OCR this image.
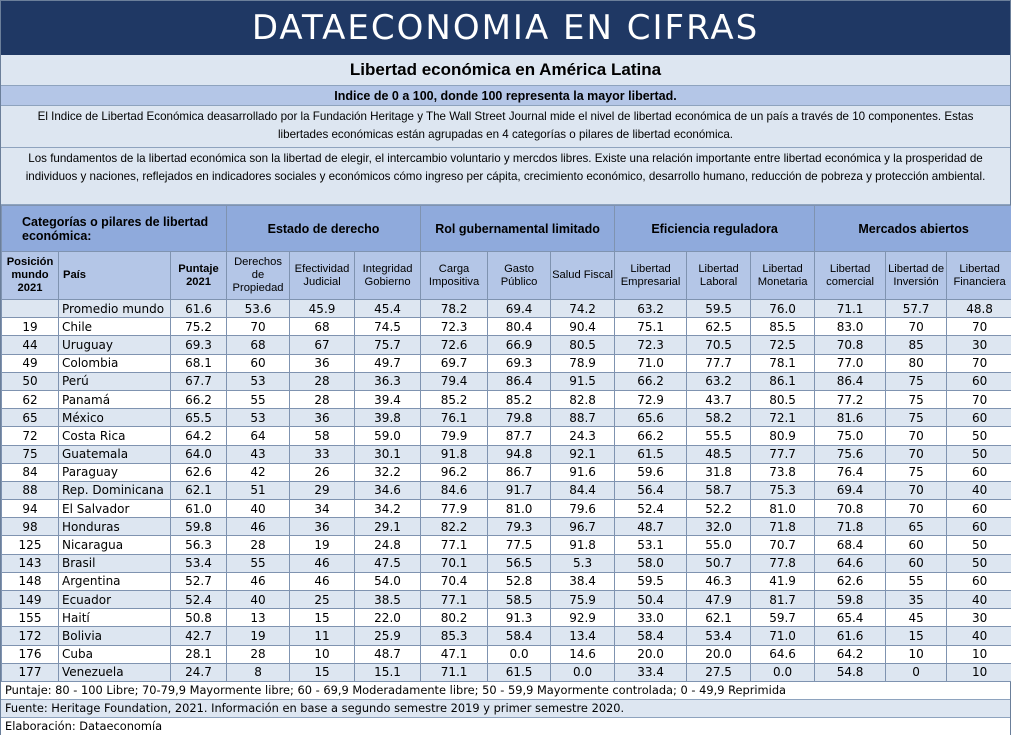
DATAECONOMIA EN CIFRAS
Libertad económica en América Latina
Indice de 0 a 100, donde 100 representa la mayor libertad.
El Indice de Libertad Económica deasarrollado por la Fundación Heritage y The Wall Street Journal mide el nivel de libertad económica de un país a través de 10 componentes. Estas libertades económicas están agrupadas en 4 categorías o pilares de libertad económica.
Los fundamentos de la libertad económica son la libertad de elegir, el intercambio voluntario y mercdos libres. Existe una relación importante entre libertad económica y la prosperidad de individuos y naciones, reflejados en indicadores sociales y económicos cómo ingreso per cápita, crecimiento económico, desarrollo humano, reducción de pobreza y protección ambiental.
Categorías o pilares de libertad económica:			Estado de derecho			Rol gubernamental limitado			Eficiencia reguladora			Mercados abiertos		
Posición mundo 2021	País	Puntaje 2021	Derechos de Propiedad	Efectividad Judicial	Integridad Gobierno	Carga Impositiva	Gasto Público	Salud Fiscal	Libertad Empresarial	Libertad Laboral	Libertad Monetaria	Libertad comercial	Libertad de Inversión	Libertad Financiera
	Promedio mundo	61.6	53.6	45.9	45.4	78.2	69.4	74.2	63.2	59.5	76.0	71.1	57.7	48.8
19	Chile	75.2	70	68	74.5	72.3	80.4	90.4	75.1	62.5	85.5	83.0	70	70
44	Uruguay	69.3	68	67	75.7	72.6	66.9	80.5	72.3	70.5	72.5	70.8	85	30
49	Colombia	68.1	60	36	49.7	69.7	69.3	78.9	71.0	77.7	78.1	77.0	80	70
50	Perú	67.7	53	28	36.3	79.4	86.4	91.5	66.2	63.2	86.1	86.4	75	60
62	Panamá	66.2	55	28	39.4	85.2	85.2	82.8	72.9	43.7	80.5	77.2	75	70
65	México	65.5	53	36	39.8	76.1	79.8	88.7	65.6	58.2	72.1	81.6	75	60
72	Costa Rica	64.2	64	58	59.0	79.9	87.7	24.3	66.2	55.5	80.9	75.0	70	50
75	Guatemala	64.0	43	33	30.1	91.8	94.8	92.1	61.5	48.5	77.7	75.6	70	50
84	Paraguay	62.6	42	26	32.2	96.2	86.7	91.6	59.6	31.8	73.8	76.4	75	60
88	Rep. Dominicana	62.1	51	29	34.6	84.6	91.7	84.4	56.4	58.7	75.3	69.4	70	40
94	El Salvador	61.0	40	34	34.2	77.9	81.0	79.6	52.4	52.2	81.0	70.8	70	60
98	Honduras	59.8	46	36	29.1	82.2	79.3	96.7	48.7	32.0	71.8	71.8	65	60
125	Nicaragua	56.3	28	19	24.8	77.1	77.5	91.8	53.1	55.0	70.7	68.4	60	50
143	Brasil	53.4	55	46	47.5	70.1	56.5	5.3	58.0	50.7	77.8	64.6	60	50
148	Argentina	52.7	46	46	54.0	70.4	52.8	38.4	59.5	46.3	41.9	62.6	55	60
149	Ecuador	52.4	40	25	38.5	77.1	58.5	75.9	50.4	47.9	81.7	59.8	35	40
155	Haití	50.8	13	15	22.0	80.2	91.3	92.9	33.0	62.1	59.7	65.4	45	30
172	Bolivia	42.7	19	11	25.9	85.3	58.4	13.4	58.4	53.4	71.0	61.6	15	40
176	Cuba	28.1	28	10	48.7	47.1	0.0	14.6	20.0	20.0	64.6	64.2	10	10
177	Venezuela	24.7	8	15	15.1	71.1	61.5	0.0	33.4	27.5	0.0	54.8	0	10
Puntaje: 80 - 100 Libre; 70-79,9 Mayormente libre; 60 - 69,9 Moderadamente libre; 50 - 59,9 Mayormente controlada; 0 - 49,9 Reprimida
Fuente: Heritage Foundation, 2021. Información en base a segundo semestre 2019 y primer semestre 2020.
Elaboración: Dataeconomía
